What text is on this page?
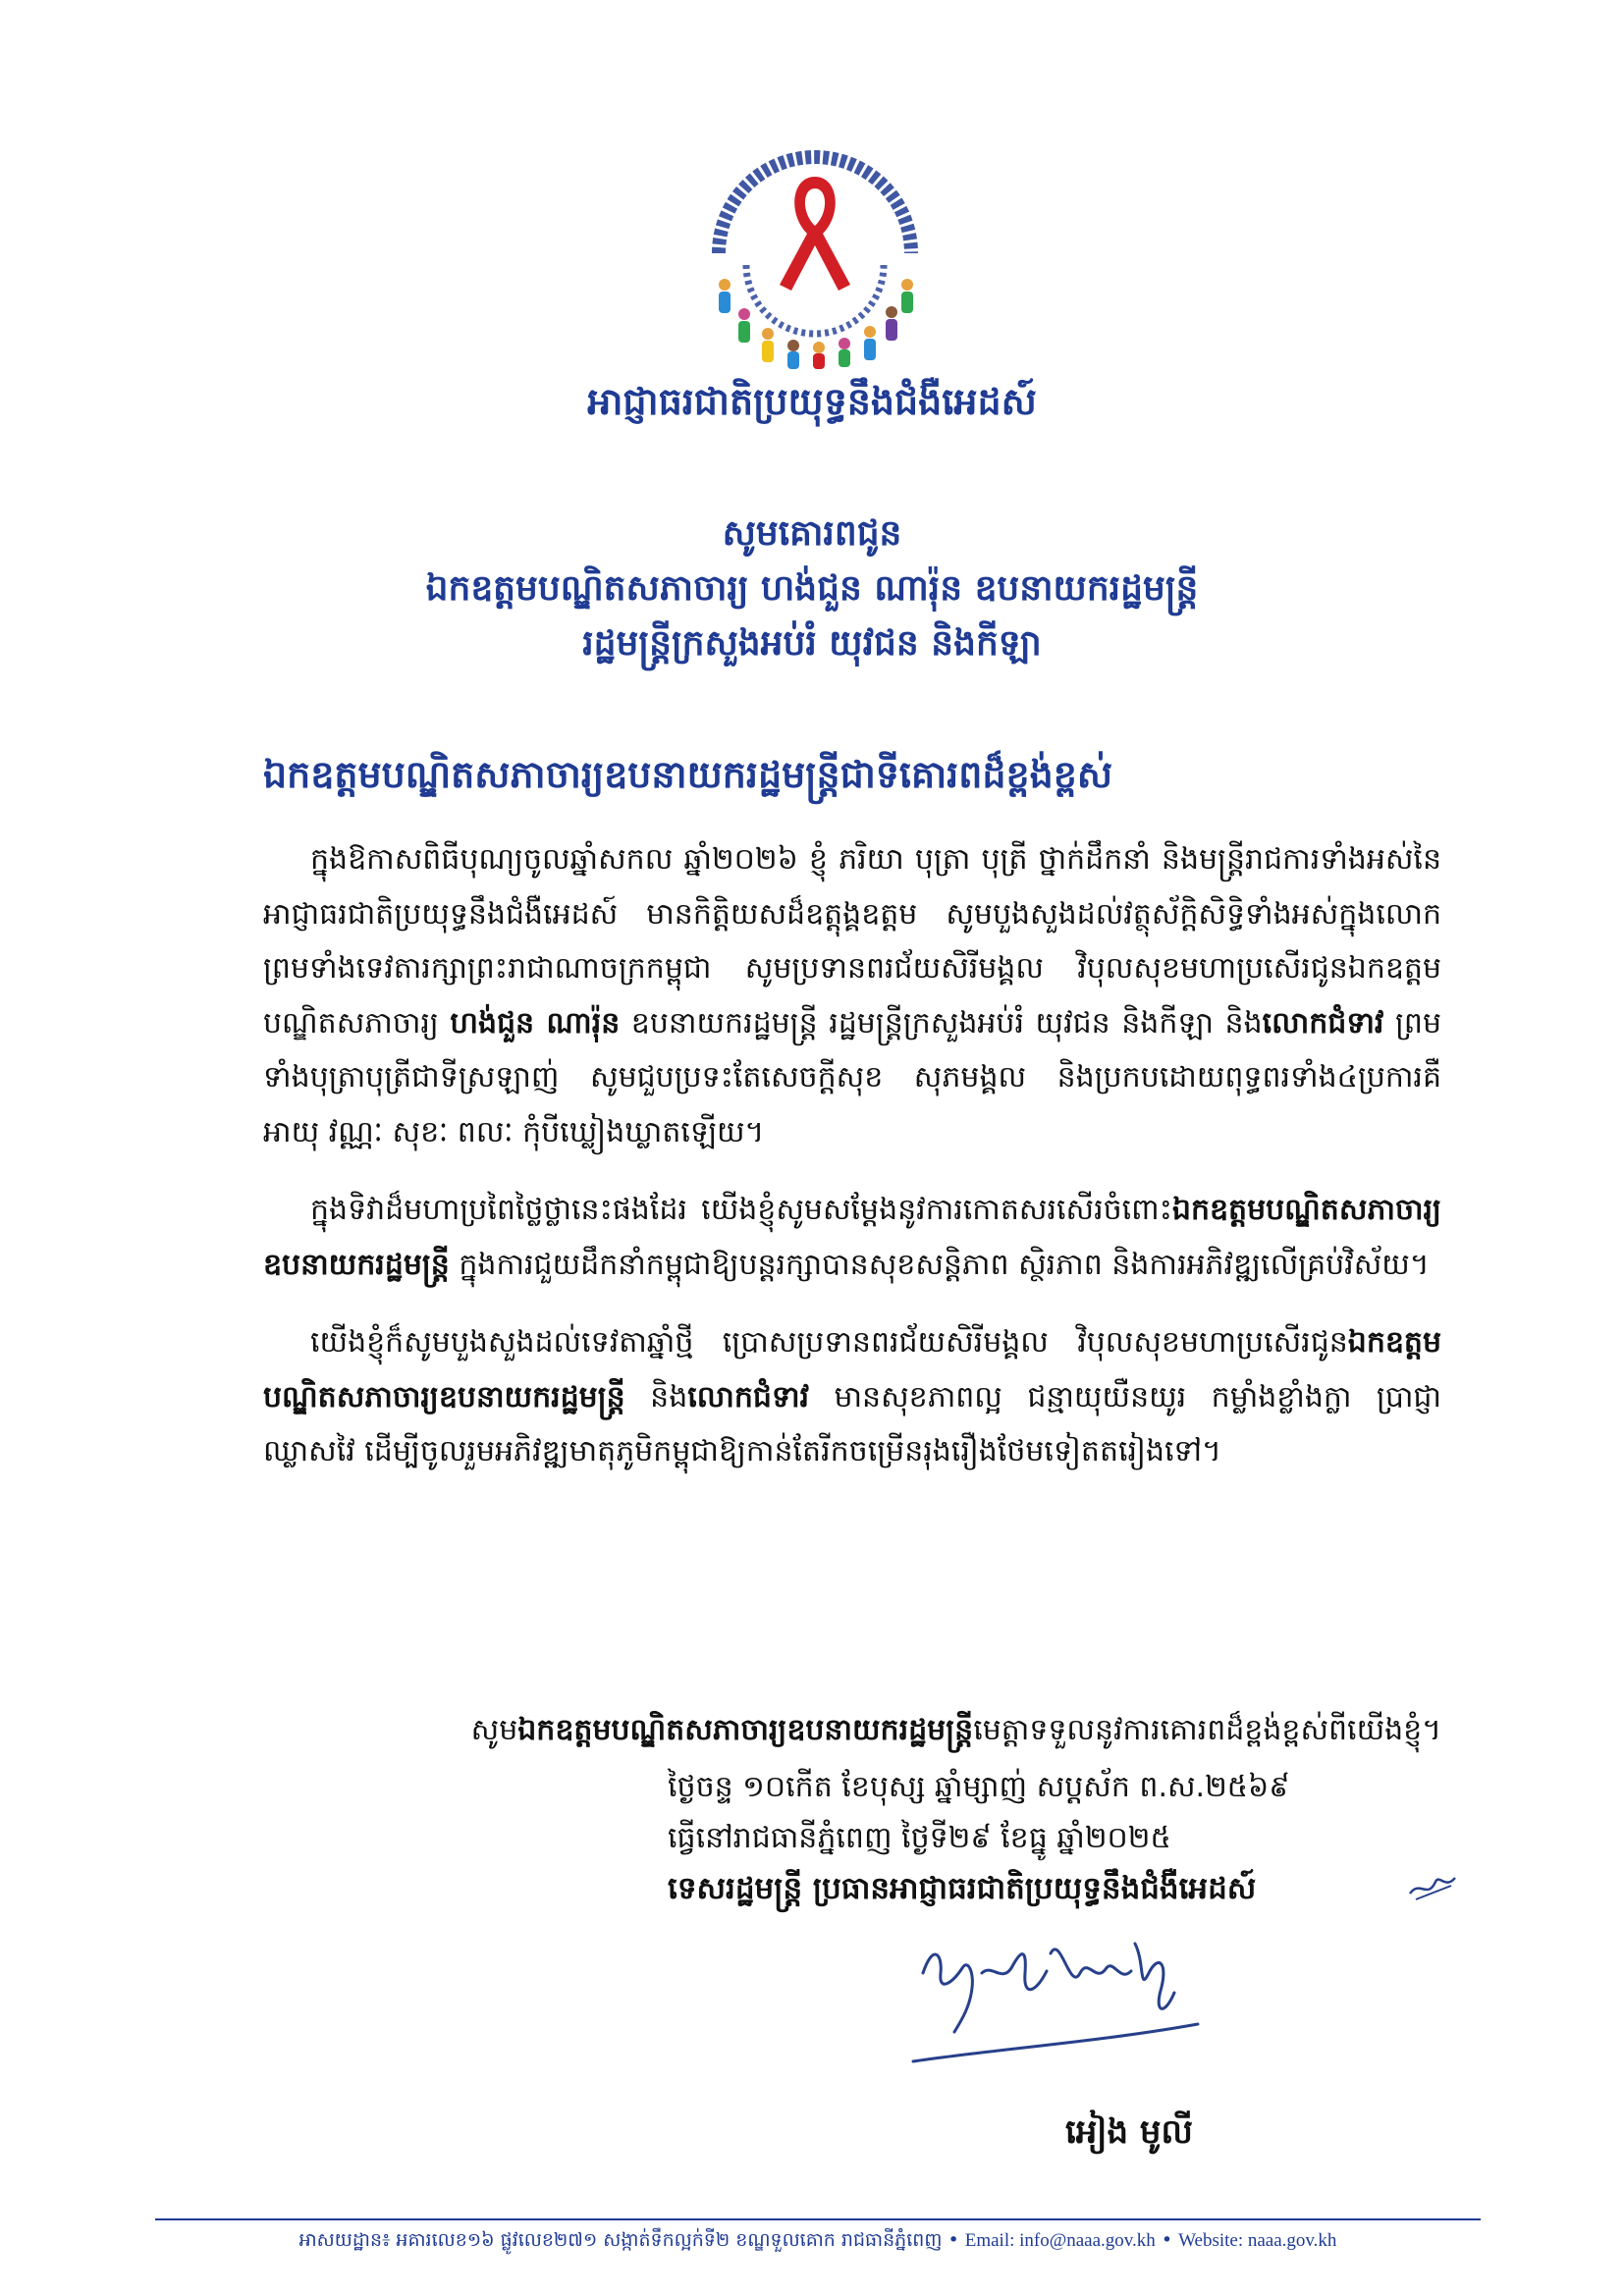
អាជ្ញាធរជាតិប្រយុទ្ធនឹងជំងឺអេដស៍
សូមគោរពជូន
ឯកឧត្តមបណ្ឌិតសភាចារ្យ ហង់ជួន ណារ៉ុន ឧបនាយករដ្ឋមន្ត្រី
រដ្ឋមន្ត្រីក្រសួងអប់រំ យុវជន និងកីឡា
ឯកឧត្តមបណ្ឌិតសភាចារ្យឧបនាយករដ្ឋមន្ត្រីជាទីគោរពដ៏ខ្ពង់ខ្ពស់

ក្នុងឱកាសពិធីបុណ្យចូលឆ្នាំសកល ឆ្នាំ២០២៦ ខ្ញុំ ភរិយា បុត្រា បុត្រី ថ្នាក់ដឹកនាំ និងមន្ត្រីរាជការទាំងអស់នៃអាជ្ញាធរជាតិប្រយុទ្ធនឹងជំងឺអេដស៍ មានកិត្តិយសដ៏ឧត្តុង្គឧត្តម សូមបួងសួងដល់វត្ថុស័ក្តិសិទ្ធិទាំងអស់ក្នុងលោក ព្រមទាំងទេវតារក្សាព្រះរាជាណាចក្រកម្ពុជា សូមប្រទានពរជ័យសិរីមង្គល វិបុលសុខមហាប្រសើរជូនឯកឧត្តមបណ្ឌិតសភាចារ្យ ហង់ជួន ណារ៉ុន ឧបនាយករដ្ឋមន្ត្រី រដ្ឋមន្ត្រីក្រសួងអប់រំ យុវជន និងកីឡា និងលោកជំទាវ ព្រមទាំងបុត្រាបុត្រីជាទីស្រឡាញ់ សូមជួបប្រទះតែសេចក្តីសុខ សុភមង្គល និងប្រកបដោយពុទ្ធពរទាំង៤ប្រការគឺ អាយុ វណ្ណៈ សុខៈ ពលៈ កុំបីឃ្លៀងឃ្លាតឡើយ។

ក្នុងទិវាដ៏មហាប្រពៃថ្លៃថ្លានេះផងដែរ យើងខ្ញុំសូមសម្តែងនូវការកោតសរសើរចំពោះឯកឧត្តមបណ្ឌិតសភាចារ្យឧបនាយករដ្ឋមន្ត្រី ក្នុងការជួយដឹកនាំកម្ពុជាឱ្យបន្តរក្សាបានសុខសន្តិភាព ស្ថិរភាព និងការអភិវឌ្ឍលើគ្រប់វិស័យ។

យើងខ្ញុំក៏សូមបួងសួងដល់ទេវតាឆ្នាំថ្មី ប្រោសប្រទានពរជ័យសិរីមង្គល វិបុលសុខមហាប្រសើរជូនឯកឧត្តមបណ្ឌិតសភាចារ្យឧបនាយករដ្ឋមន្ត្រី និងលោកជំទាវ មានសុខភាពល្អ ជន្មាយុយឺនយូរ កម្លាំងខ្លាំងក្លា ប្រាជ្ញាឈ្លាសវៃ ដើម្បីចូលរួមអភិវឌ្ឍមាតុភូមិកម្ពុជាឱ្យកាន់តែរីកចម្រើនរុងរឿងថែមទៀតតរៀងទៅ។

សូមឯកឧត្តមបណ្ឌិតសភាចារ្យឧបនាយករដ្ឋមន្ត្រីមេត្តាទទួលនូវការគោរពដ៏ខ្ពង់ខ្ពស់ពីយើងខ្ញុំ។
ថ្ងៃចន្ទ ១០កើត ខែបុស្ស ឆ្នាំម្សាញ់ សប្តស័ក ព.ស.២៥៦៩
ធ្វើនៅរាជធានីភ្នំពេញ ថ្ងៃទី២៩ ខែធ្នូ ឆ្នាំ២០២៥
ទេសរដ្ឋមន្ត្រី ប្រធានអាជ្ញាធរជាតិប្រយុទ្ធនឹងជំងឺអេដស៍
អៀង មូលី
អាសយដ្ឋាន៖ អគារលេខ១៦ ផ្លូវលេខ២៧១ សង្កាត់ទឹកល្អក់ទី២ ខណ្ឌទួលគោក រាជធានីភ្នំពេញ • Email: info@naaa.gov.kh • Website: naaa.gov.kh
